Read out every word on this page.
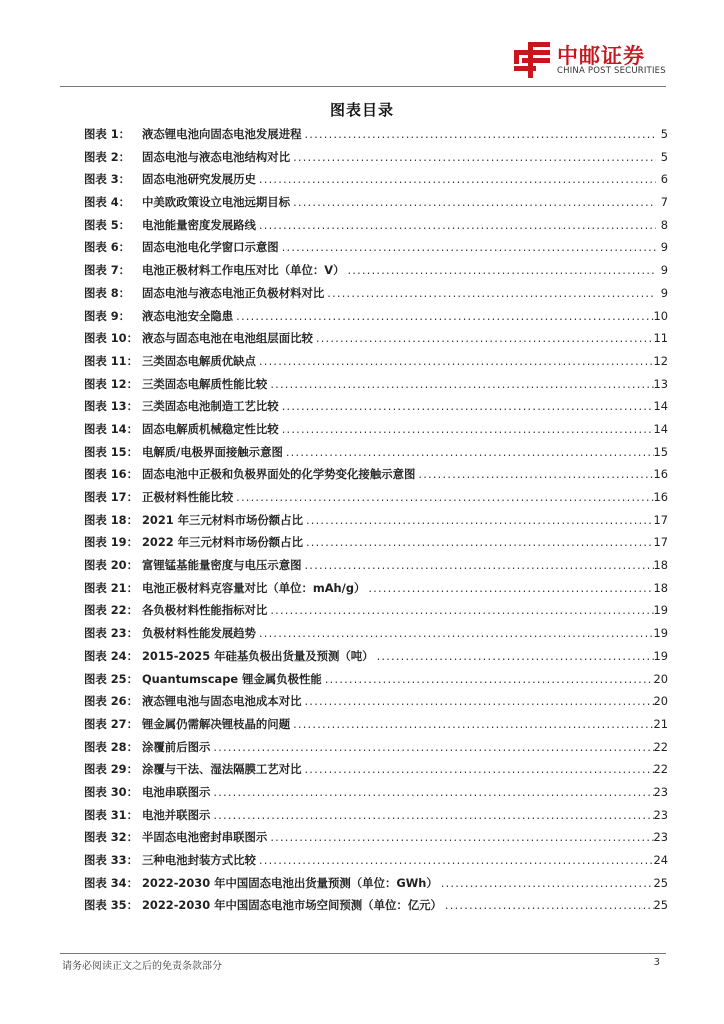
中邮证券
CHINA POST SECURITIES
图表目录
图表 1：	液态锂电池向固态电池发展进程 .....	5
图表 2：	固态电池与液态电池结构对比 .....	5
图表 3：	固态电池研究发展历史 .....	6
图表 4：	中美欧政策设立电池远期目标 .....	7
图表 5：	电池能量密度发展路线 .....	8
图表 6：	固态电池电化学窗口示意图 .....	9
图表 7：	电池正极材料工作电压对比（单位：V） .....	9
图表 8：	固态电池与液态电池正负极材料对比 .....	9
图表 9：	液态电池安全隐患 .....	10
图表 10： 液态与固态电池在电池组层面比较 .....	11
图表 11： 三类固态电解质优缺点 .....	12
图表 12： 三类固态电解质性能比较 .....	13
图表 13： 三类固态电池制造工艺比较 .....	14
图表 14： 固态电解质机械稳定性比较 .....	14
图表 15： 电解质/电极界面接触示意图 .....	15
图表 16： 固态电池中正极和负极界面处的化学势变化接触示意图 .....	16
图表 17： 正极材料性能比较 .....	16
图表 18： 2021 年三元材料市场份额占比 .....	17
图表 19： 2022 年三元材料市场份额占比 .....	17
图表 20： 富锂锰基能量密度与电压示意图 .....	18
图表 21： 电池正极材料克容量对比（单位：mAh/g） .....	18
图表 22： 各负极材料性能指标对比 .....	19
图表 23： 负极材料性能发展趋势 .....	19
图表 24： 2015-2025 年硅基负极出货量及预测（吨） .....	19
图表 25： Quantumscape 锂金属负极性能 .....	20
图表 26： 液态锂电池与固态电池成本对比 .....	20
图表 27： 锂金属仍需解决锂枝晶的问题 .....	21
图表 28： 涂覆前后图示 .....	22
图表 29： 涂覆与干法、湿法隔膜工艺对比 .....	22
图表 30： 电池串联图示 .....	23
图表 31： 电池并联图示 .....	23
图表 32： 半固态电池密封串联图示 .....	23
图表 33： 三种电池封装方式比较 .....	24
图表 34： 2022-2030 年中国固态电池出货量预测（单位：GWh） .....	25
图表 35： 2022-2030 年中国固态电池市场空间预测（单位：亿元） .....	25
请务必阅读正文之后的免责条款部分	3
